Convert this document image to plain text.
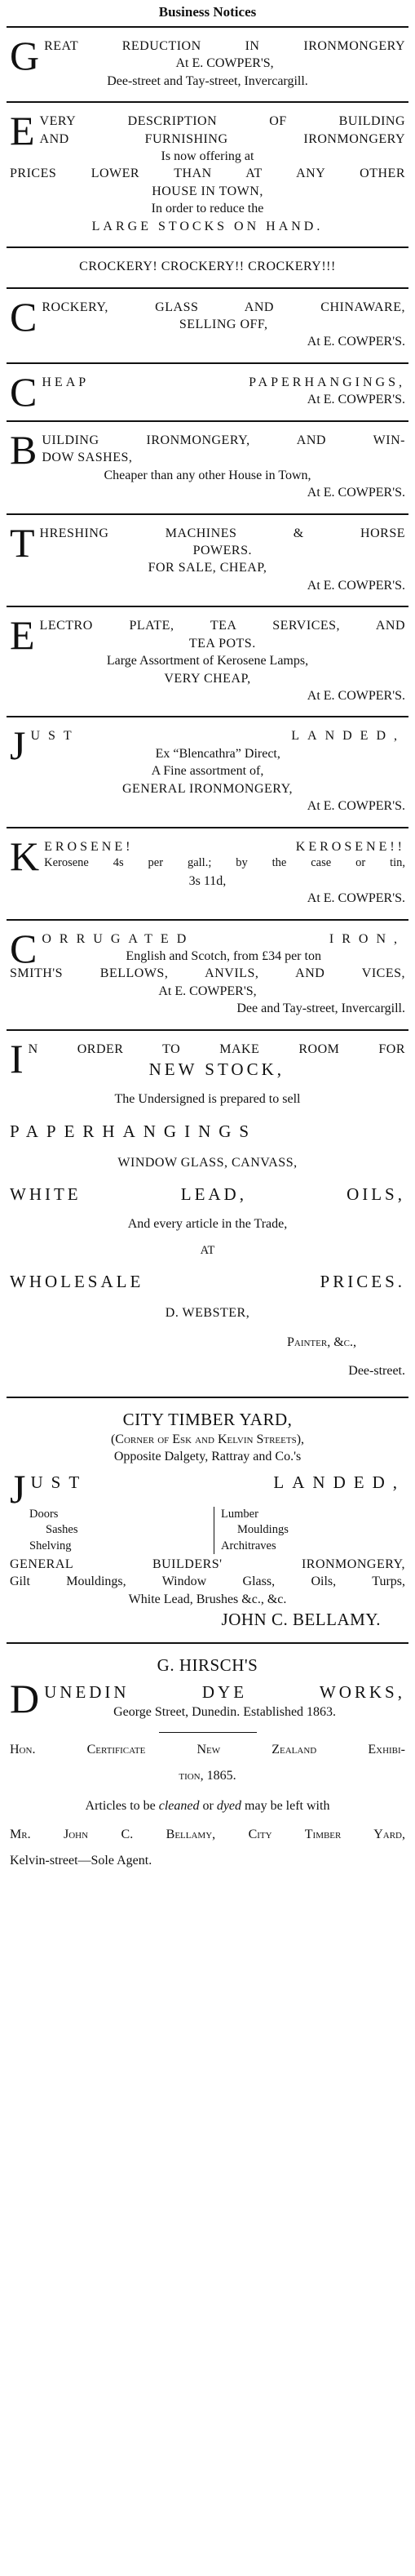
Business Notices
G REAT REDUCTION IN IRONMONGERY
At E. COWPER'S,
Dee-street and Tay-street, Invercargill.
E VERY DESCRIPTION OF BUILDING
AND FURNISHING IRONMONGERY
Is now offering at
PRICES LOWER THAN AT ANY OTHER
HOUSE IN TOWN,
In order to reduce the
LARGE STOCKS ON HAND.
CROCKERY! CROCKERY!! CROCKERY!!!
C ROCKERY, GLASS AND CHINAWARE,
SELLING OFF,
At E. COWPER'S.
C HEAP PAPERHANGINGS,
At E. COWPER'S.
B UILDING IRONMONGERY, AND WIN-
DOW SASHES,
Cheaper than any other House in Town,
At E. COWPER'S.
T HRESHING MACHINES & HORSE
POWERS.
FOR SALE, CHEAP,
At E. COWPER'S.
E LECTRO PLATE, TEA SERVICES, AND
TEA POTS.
Large Assortment of Kerosene Lamps,
VERY CHEAP,
At E. COWPER'S.
J UST LANDED,
Ex “Blencathra” Direct,
A Fine assortment of,
GENERAL IRONMONGERY,
At E. COWPER'S.
K EROSENE! KEROSENE!!
Kerosene 4s per gall.; by the case or tin,
3s 11d,
At E. COWPER'S.
C ORRUGATED IRON,
English and Scotch, from £34 per ton
SMITH'S BELLOWS, ANVILS, AND VICES,
At E. COWPER'S,
Dee and Tay-street, Invercargill.
I N ORDER TO MAKE ROOM FOR
NEW STOCK,
The Undersigned is prepared to sell
PAPERHANGINGS
WINDOW GLASS, CANVASS,
WHITE LEAD, OILS,
And every article in the Trade,
AT
WHOLESALE PRICES.
D. WEBSTER,
Painter, &c.,
Dee-street.
CITY TIMBER YARD,
(Corner of Esk and Kelvin Streets),
Opposite Dalgety, Rattray and Co.'s
J UST LANDED,
Doors
Sashes
Shelving
Lumber
Mouldings
Architraves
GENERAL BUILDERS' IRONMONGERY,
Gilt Mouldings, Window Glass, Oils, Turps,
White Lead, Brushes &c., &c.
JOHN C. BELLAMY.
G. HIRSCH'S
D UNEDIN DYE WORKS,
George Street, Dunedin. Established 1863.
Hon. Certificate New Zealand Exhibi-
tion, 1865.
Articles to be cleaned or dyed may be left with
Mr. John C. Bellamy, City Timber Yard,
Kelvin-street—Sole Agent.
